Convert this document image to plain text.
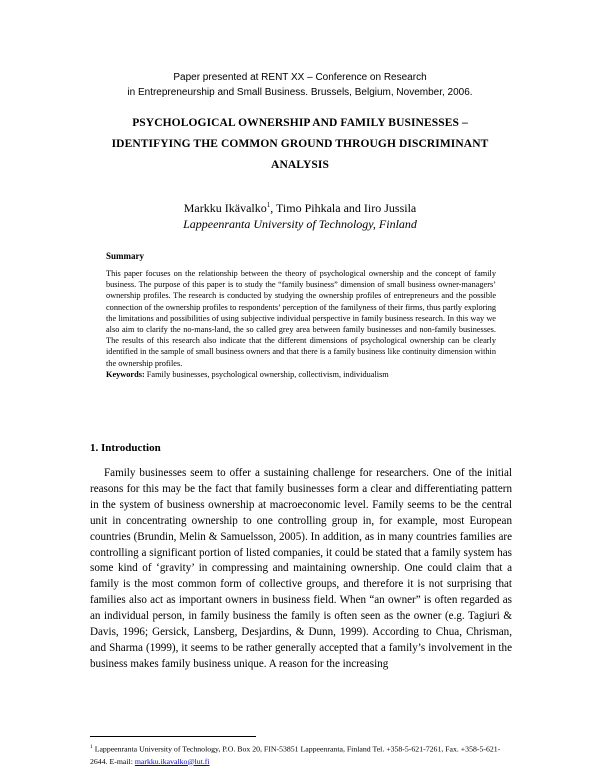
Paper presented at RENT XX – Conference on Research
in Entrepreneurship and Small Business. Brussels, Belgium, November, 2006.
PSYCHOLOGICAL OWNERSHIP AND FAMILY BUSINESSES –
IDENTIFYING THE COMMON GROUND THROUGH DISCRIMINANT
ANALYSIS
Markku Ikävalko$^1$, Timo Pihkala and Iiro Jussila
Lappeenranta University of Technology, Finland
Summary
This paper focuses on the relationship between the theory of psychological ownership and the concept of family business. The purpose of this paper is to study the “family business” dimension of small business owner-managers’ ownership profiles. The research is conducted by studying the ownership profiles of entrepreneurs and the possible connection of the ownership profiles to respondents’ perception of the familyness of their firms, thus partly exploring the limitations and possibilities of using subjective individual perspective in family business research. In this way we also aim to clarify the no-mans-land, the so called grey area between family businesses and non-family businesses. The results of this research also indicate that the different dimensions of psychological ownership can be clearly identified in the sample of small business owners and that there is a family business like continuity dimension within the ownership profiles.
Keywords: Family businesses, psychological ownership, collectivism, individualism
1. Introduction
Family businesses seem to offer a sustaining challenge for researchers. One of the initial reasons for this may be the fact that family businesses form a clear and differentiating pattern in the system of business ownership at macroeconomic level. Family seems to be the central unit in concentrating ownership to one controlling group in, for example, most European countries (Brundin, Melin & Samuelsson, 2005). In addition, as in many countries families are controlling a significant portion of listed companies, it could be stated that a family system has some kind of ‘gravity’ in compressing and maintaining ownership. One could claim that a family is the most common form of collective groups, and therefore it is not surprising that families also act as important owners in business field. When “an owner” is often regarded as an individual person, in family business the family is often seen as the owner (e.g. Tagiuri & Davis, 1996; Gersick, Lansberg, Desjardins, & Dunn, 1999). According to Chua, Chrisman, and Sharma (1999), it seems to be rather generally accepted that a family’s involvement in the business makes family business unique. A reason for the increasing
$^1$ Lappeenranta University of Technology, P.O. Box 20, FIN-53851 Lappeenranta, Finland Tel. +358-5-621-7261, Fax. +358-5-621-2644. E-mail: markku.ikavalko@lut.fi
